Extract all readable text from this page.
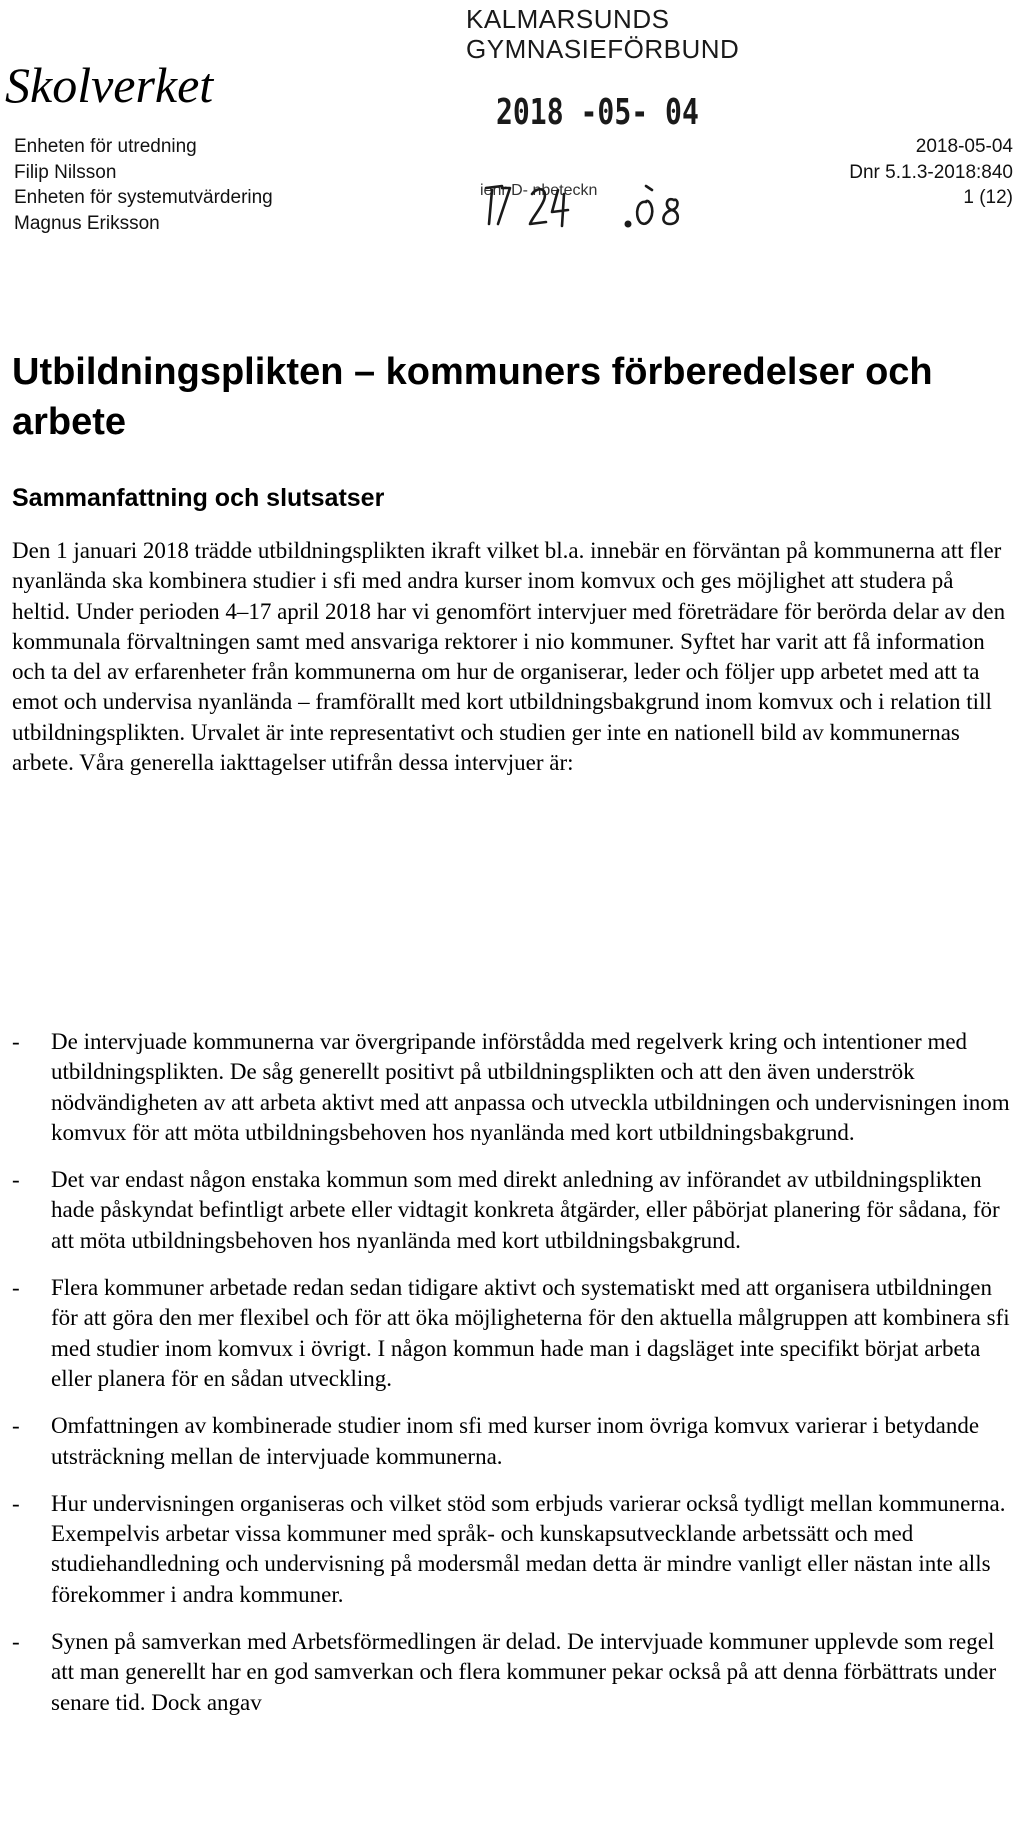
Skolverket
Enheten för utredning
Filip Nilsson
Enheten för systemutvärdering
Magnus Eriksson
KALMARSUNDS
GYMNASIEFÖRBUND
2018 -05- 04
ienr D- nbeteckn
2018-05-04
Dnr 5.1.3-2018:840
1 (12)
Utbildningsplikten – kommuners förberedelser och arbete
Sammanfattning och slutsatser

Den 1 januari 2018 trädde utbildningsplikten ikraft vilket bl.a. innebär en förväntan på kommunerna att fler nyanlända ska kombinera studier i sfi med andra kurser inom komvux och ges möjlighet att studera på heltid. Under perioden 4–17 april 2018 har vi genomfört intervjuer med företrädare för berörda delar av den kommunala förvaltningen samt med ansvariga rektorer i nio kommuner. Syftet har varit att få information och ta del av erfarenheter från kommunerna om hur de organiserar, leder och följer upp arbetet med att ta emot och undervisa nyanlända – framförallt med kort utbildningsbakgrund inom komvux och i relation till utbildningsplikten. Urvalet är inte representativt och studien ger inte en nationell bild av kommunernas arbete. Våra generella iakttagelser utifrån dessa intervjuer är:

- De intervjuade kommunerna var övergripande införstådda med regelverk kring och intentioner med utbildningsplikten. De såg generellt positivt på utbildningsplikten och att den även underströk nödvändigheten av att arbeta aktivt med att anpassa och utveckla utbildningen och undervisningen inom komvux för att möta utbildningsbehoven hos nyanlända med kort utbildningsbakgrund.
- Det var endast någon enstaka kommun som med direkt anledning av införandet av utbildningsplikten hade påskyndat befintligt arbete eller vidtagit konkreta åtgärder, eller påbörjat planering för sådana, för att möta utbildningsbehoven hos nyanlända med kort utbildningsbakgrund.
- Flera kommuner arbetade redan sedan tidigare aktivt och systematiskt med att organisera utbildningen för att göra den mer flexibel och för att öka möjligheterna för den aktuella målgruppen att kombinera sfi med studier inom komvux i övrigt. I någon kommun hade man i dagsläget inte specifikt börjat arbeta eller planera för en sådan utveckling.
- Omfattningen av kombinerade studier inom sfi med kurser inom övriga komvux varierar i betydande utsträckning mellan de intervjuade kommunerna.
- Hur undervisningen organiseras och vilket stöd som erbjuds varierar också tydligt mellan kommunerna. Exempelvis arbetar vissa kommuner med språk- och kunskapsutvecklande arbetssätt och med studiehandledning och undervisning på modersmål medan detta är mindre vanligt eller nästan inte alls förekommer i andra kommuner.
- Synen på samverkan med Arbetsförmedlingen är delad. De intervjuade kommuner upplevde som regel att man generellt har en god samverkan och flera kommuner pekar också på att denna förbättrats under senare tid. Dock angav
